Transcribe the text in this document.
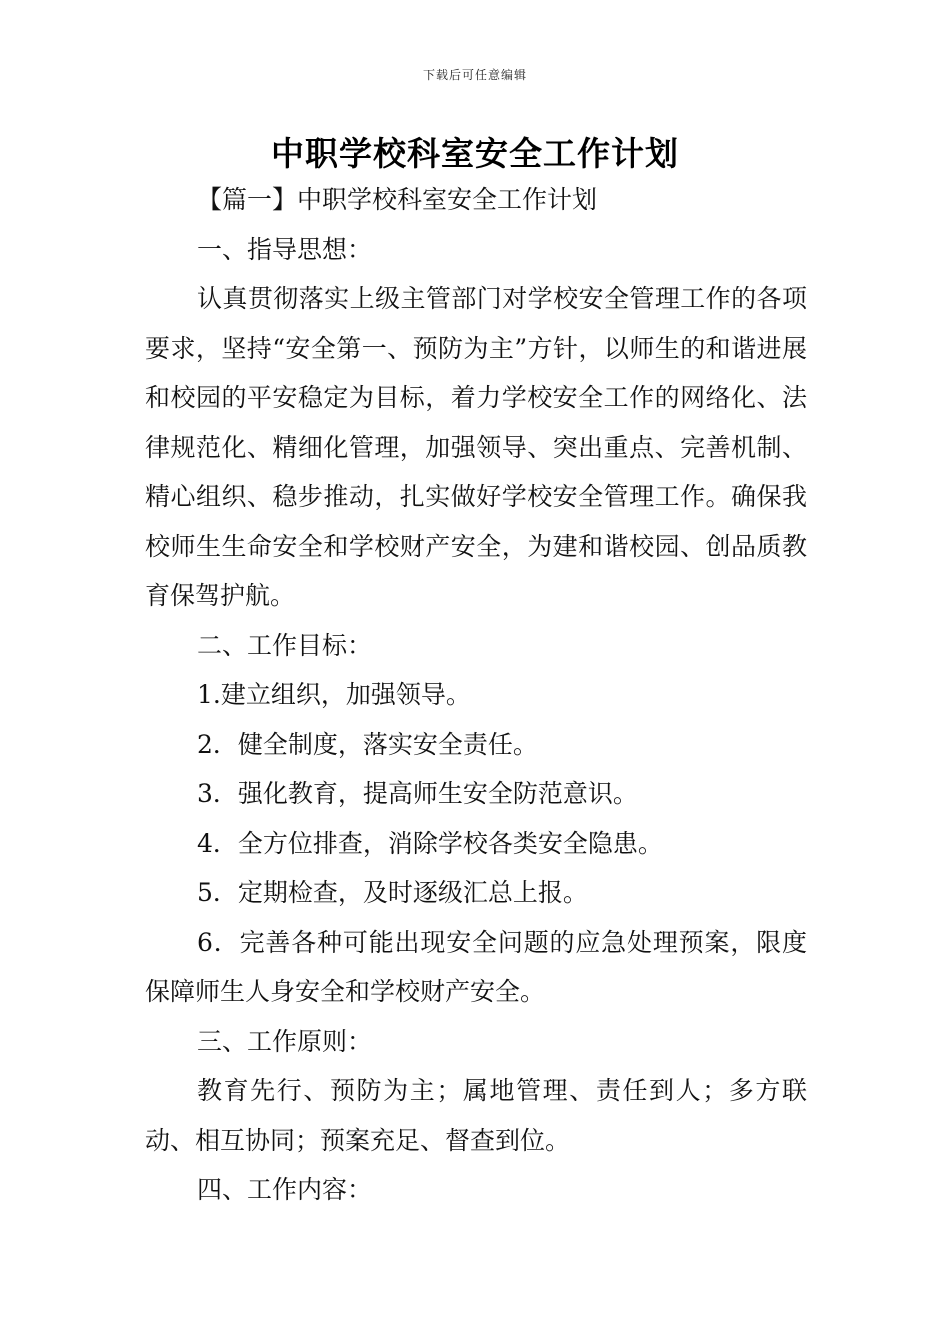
下载后可任意编辑
中职学校科室安全工作计划

【篇一】中职学校科室安全工作计划

一、指导思想：

认真贯彻落实上级主管部门对学校安全管理工作的各项要求，坚持“安全第一、预防为主”方针，以师生的和谐进展和校园的平安稳定为目标，着力学校安全工作的网络化、法律规范化、精细化管理，加强领导、突出重点、完善机制、精心组织、稳步推动，扎实做好学校安全管理工作。确保我校师生生命安全和学校财产安全，为建和谐校园、创品质教育保驾护航。

二、工作目标：

1.建立组织，加强领导。

2．健全制度，落实安全责任。

3．强化教育，提高师生安全防范意识。

4．全方位排查，消除学校各类安全隐患。

5．定期检查，及时逐级汇总上报。

6．完善各种可能出现安全问题的应急处理预案，限度保障师生人身安全和学校财产安全。

三、工作原则：

教育先行、预防为主；属地管理、责任到人；多方联动、相互协同；预案充足、督查到位。

四、工作内容：
